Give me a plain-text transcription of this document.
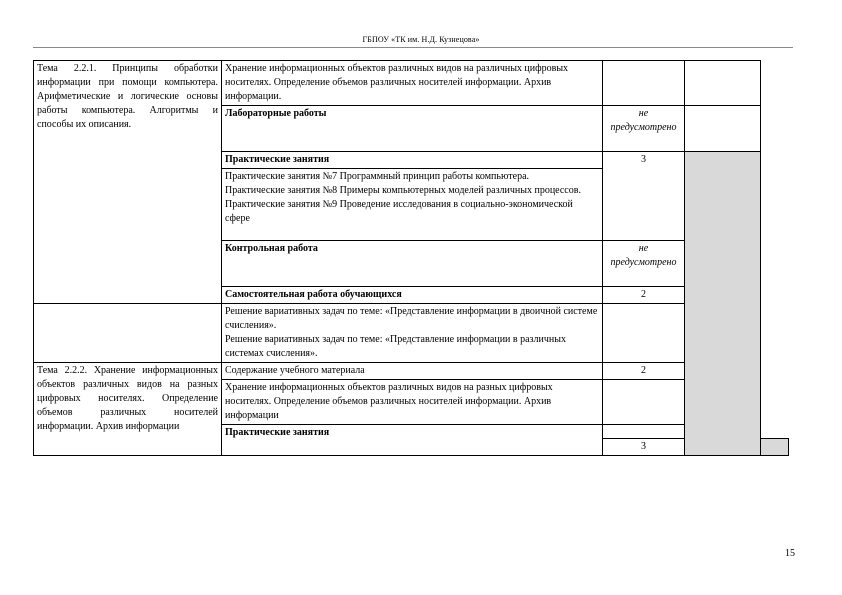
ГБПОУ «ТК им. Н.Д. Кузнецова»
Тема 2.2.1. Принципы обработки информации при помощи компьютера. Арифметические и логические основы работы компьютера. Алгоритмы и способы их описания.	Хранение информационных объектов различных видов на различных цифровых носителях. Определение объемов различных носителей информации. Архив информации.			
	Лабораторные работы	не предусмотрено		
	Практические занятия	3		

	Практические занятия №7 Программный принцип работы компьютера.
Практические занятия №8 Примеры компьютерных моделей различных процессов.
Практические занятия №9 Проведение исследования в социально-экономической сфере			

	Контрольная работа	не предусмотрено		
	Самостоятельная работа обучающихся	2		

	Решение вариативных задач по теме: «Представление информации в двоичной системе счисления».
Решение вариативных задач по теме: «Представление информации в различных системах счисления».			

Тема 2.2.2. Хранение информационных объектов различных видов на разных цифровых носителях. Определение объемов различных носителей информации. Архив информации	Содержание учебного материала	2		
	Хранение информационных объектов различных видов на разных цифровых носителях. Определение объемов различных носителей информации. Архив информации			
	Практические занятия			
		3		
15
